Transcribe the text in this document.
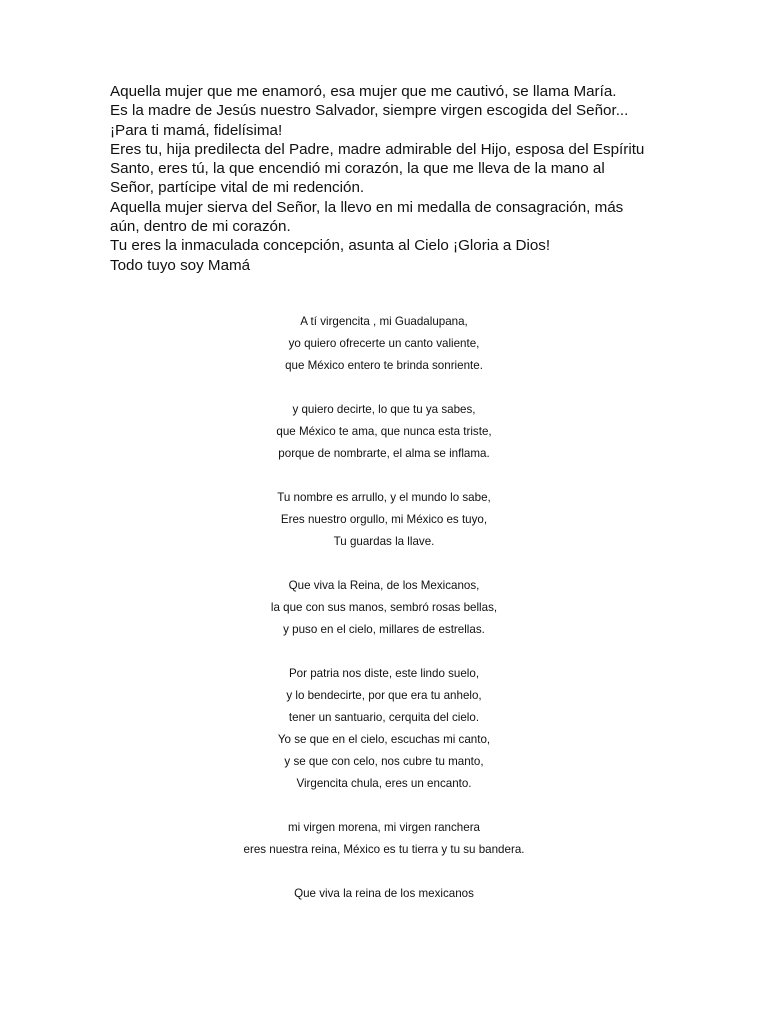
Aquella mujer que me enamoró, esa mujer que me cautivó, se llama María.
Es la madre de Jesús nuestro Salvador, siempre virgen escogida del Señor...
¡Para ti mamá, fidelísima!
Eres tu, hija predilecta del Padre, madre admirable del Hijo, esposa del Espíritu
Santo, eres tú, la que encendió mi corazón, la que me lleva de la mano al
Señor, partícipe vital de mi redención.
Aquella mujer sierva del Señor, la llevo en mi medalla de consagración, más
aún, dentro de mi corazón.
Tu eres la inmaculada concepción, asunta al Cielo ¡Gloria a Dios!
Todo tuyo soy Mamá
A tí virgencita , mi Guadalupana,
yo quiero ofrecerte un canto valiente,
que México entero te brinda sonriente.
y quiero decirte, lo que tu ya sabes,
que México te ama, que nunca esta triste,
porque de nombrarte, el alma se inflama.
Tu nombre es arrullo, y el mundo lo sabe,
Eres nuestro orgullo, mi México es tuyo,
Tu guardas la llave.
Que viva la Reina, de los Mexicanos,
la que con sus manos, sembró rosas bellas,
y puso en el cielo, millares de estrellas.
Por patria nos diste, este lindo suelo,
y lo bendecirte, por que era tu anhelo,
tener un santuario, cerquita del cielo.
Yo se que en el cielo, escuchas mi canto,
y se que con celo, nos cubre tu manto,
Virgencita chula, eres un encanto.
mi virgen morena, mi virgen ranchera
eres nuestra reina, México es tu tierra y tu su bandera.
Que viva la reina de los mexicanos
